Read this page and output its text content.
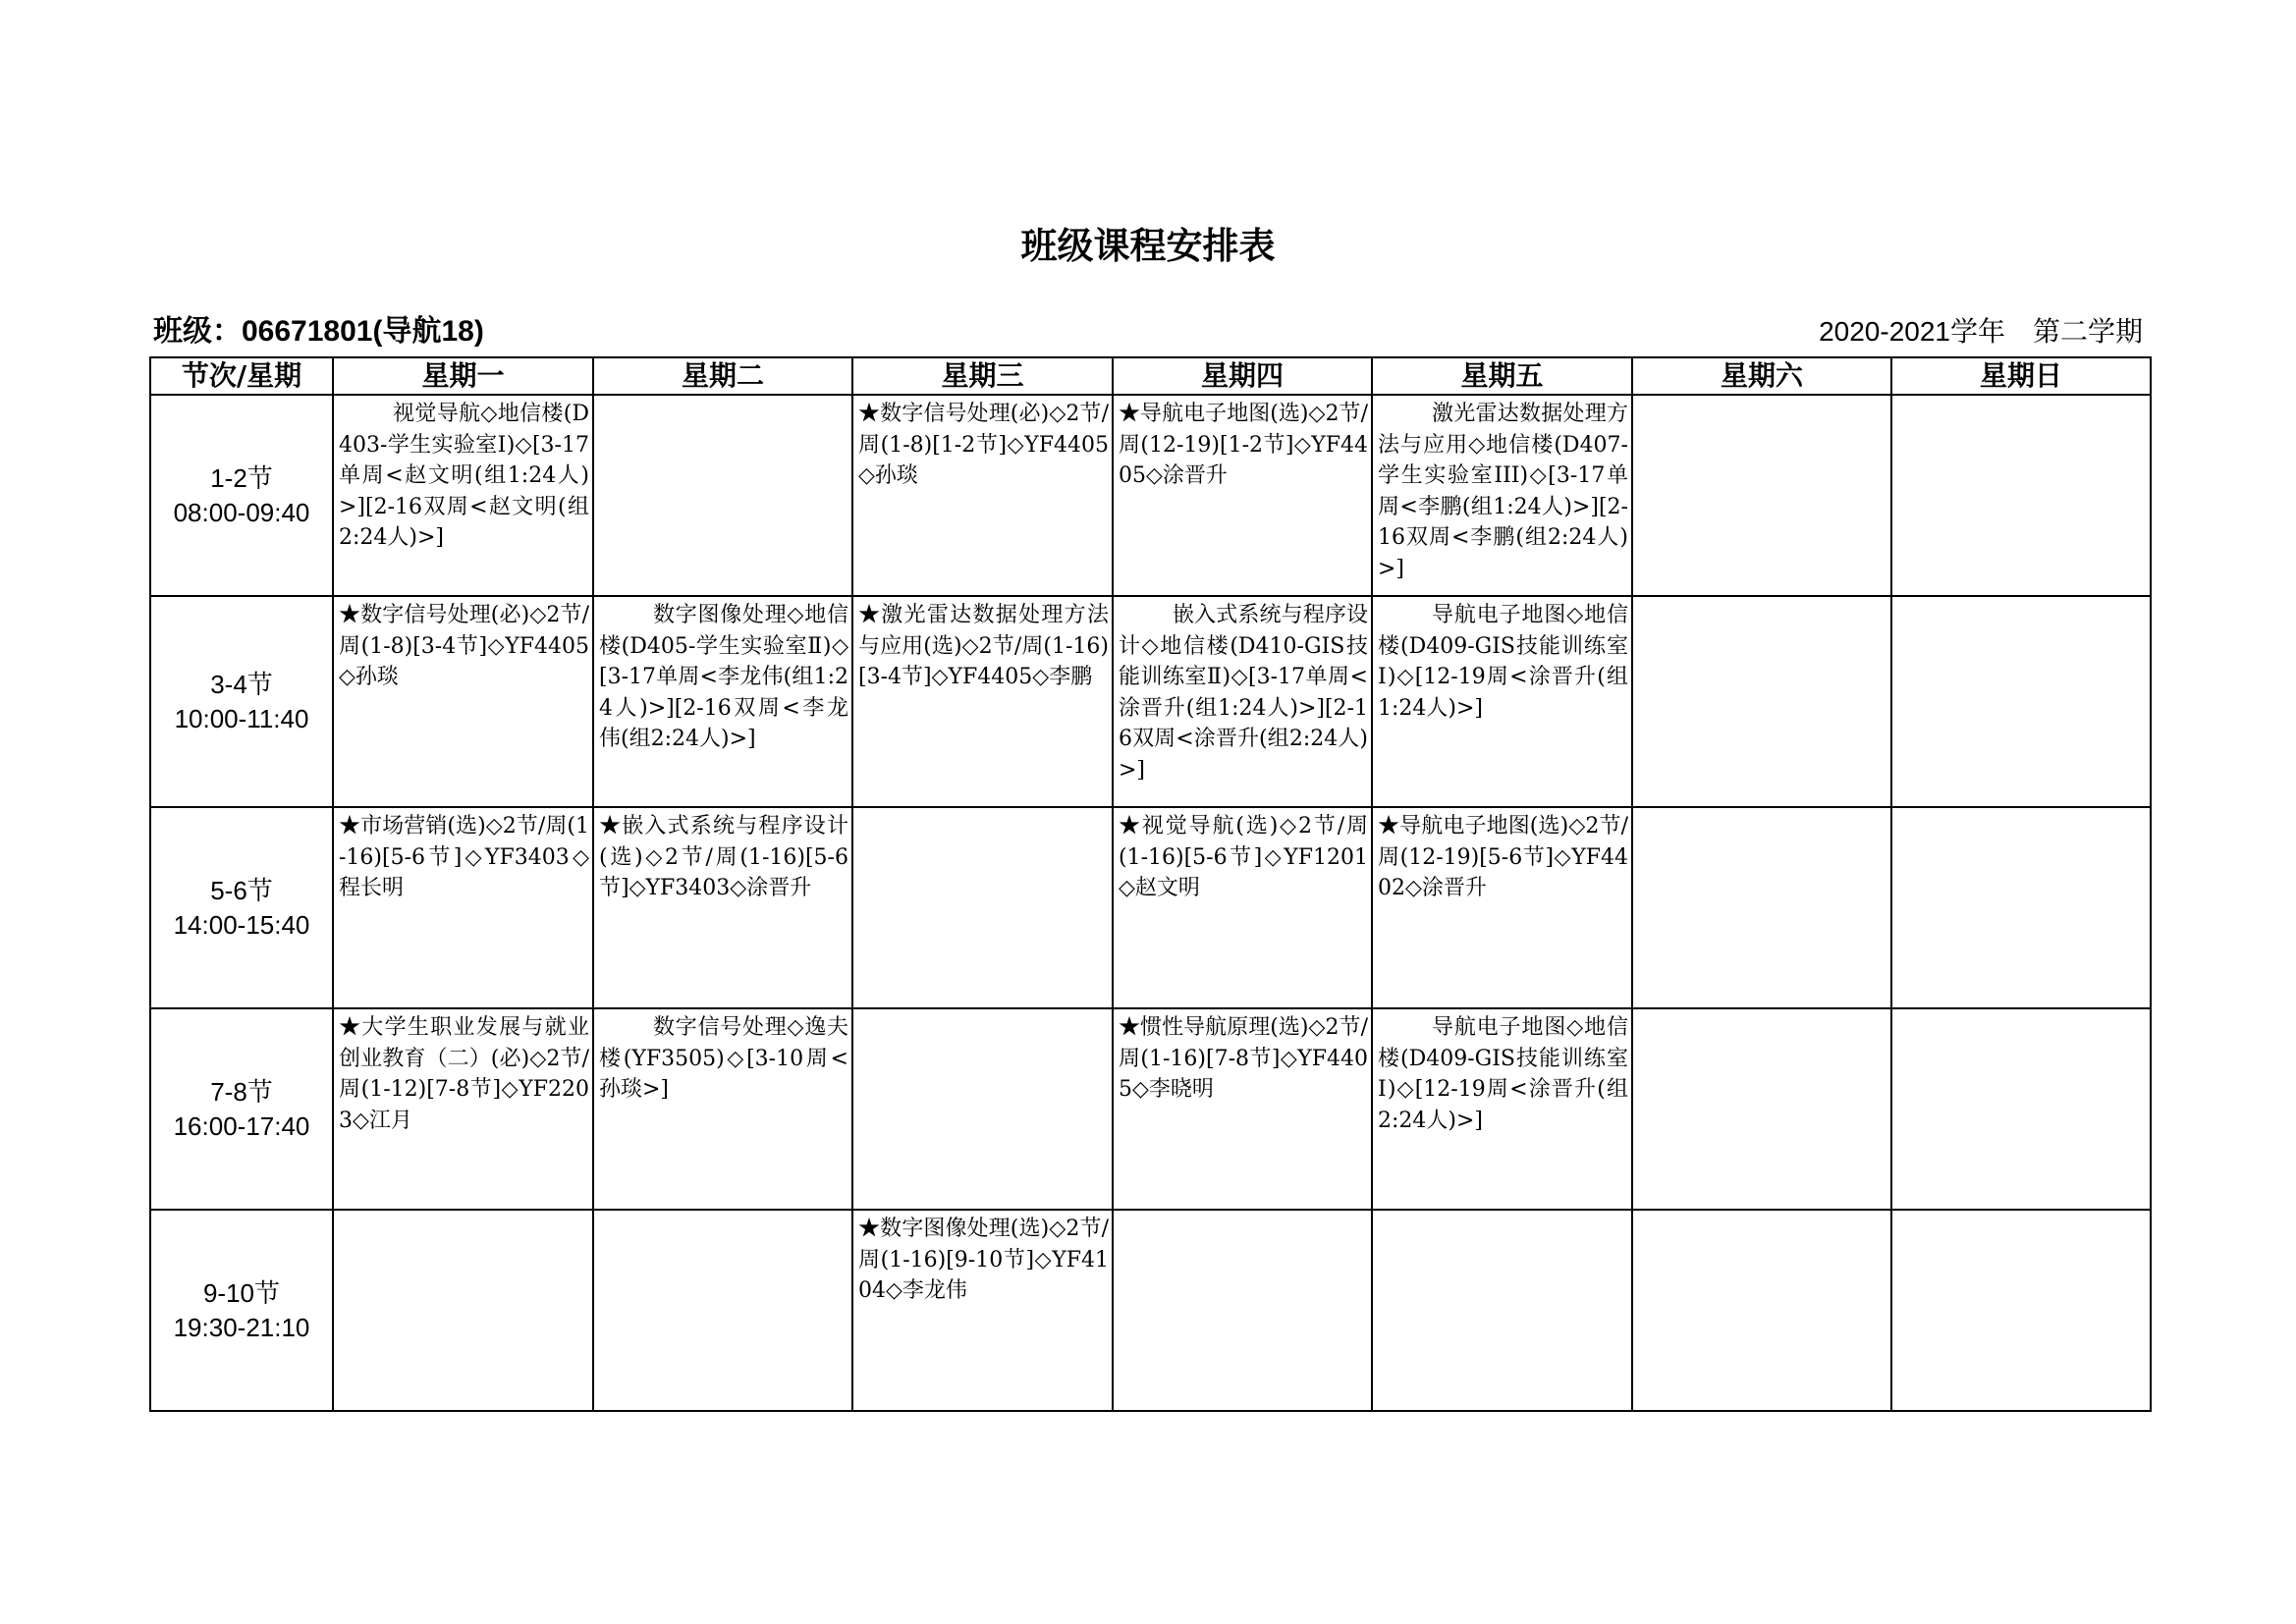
班级课程安排表
班级：06671801(导航18)	2020-2021学年 第二学期
节次/星期	星期一	星期二	星期三	星期四	星期五	星期六	星期日

1-2节
08:00-09:40	视觉导航◇地信楼(D403-学生实验室Ⅰ)◇[3-17单周<赵文明(组1:24人)>][2-16双周<赵文明(组2:24人)>]		★数字信号处理(必)◇2节/周(1-8)[1-2节]◇YF4405◇孙琰	★导航电子地图(选)◇2节/周(12-19)[1-2节]◇YF4405◇涂晋升	激光雷达数据处理方法与应用◇地信楼(D407-学生实验室III)◇[3-17单周<李鹏(组1:24人)>][2-16双周<李鹏(组2:24人)>]		

3-4节
10:00-11:40	★数字信号处理(必)◇2节/周(1-8)[3-4节]◇YF4405◇孙琰	数字图像处理◇地信楼(D405-学生实验室Ⅱ)◇[3-17单周<李龙伟(组1:24人)>][2-16双周<李龙伟(组2:24人)>]	★激光雷达数据处理方法与应用(选)◇2节/周(1-16)[3-4节]◇YF4405◇李鹏	嵌入式系统与程序设计◇地信楼(D410-GIS技能训练室Ⅱ)◇[3-17单周<涂晋升(组1:24人)>][2-16双周<涂晋升(组2:24人)>]	导航电子地图◇地信楼(D409-GIS技能训练室Ⅰ)◇[12-19周<涂晋升(组1:24人)>]		

5-6节
14:00-15:40	★市场营销(选)◇2节/周(1-16)[5-6节]◇YF3403◇程长明	★嵌入式系统与程序设计(选)◇2节/周(1-16)[5-6节]◇YF3403◇涂晋升		★视觉导航(选)◇2节/周(1-16)[5-6节]◇YF1201◇赵文明	★导航电子地图(选)◇2节/周(12-19)[5-6节]◇YF4402◇涂晋升		

7-8节
16:00-17:40	★大学生职业发展与就业创业教育（二）(必)◇2节/周(1-12)[7-8节]◇YF2203◇江月	数字信号处理◇逸夫楼(YF3505)◇[3-10周<孙琰>]		★惯性导航原理(选)◇2节/周(1-16)[7-8节]◇YF4405◇李晓明	导航电子地图◇地信楼(D409-GIS技能训练室Ⅰ)◇[12-19周<涂晋升(组2:24人)>]		

9-10节
19:30-21:10			★数字图像处理(选)◇2节/周(1-16)[9-10节]◇YF4104◇李龙伟				
